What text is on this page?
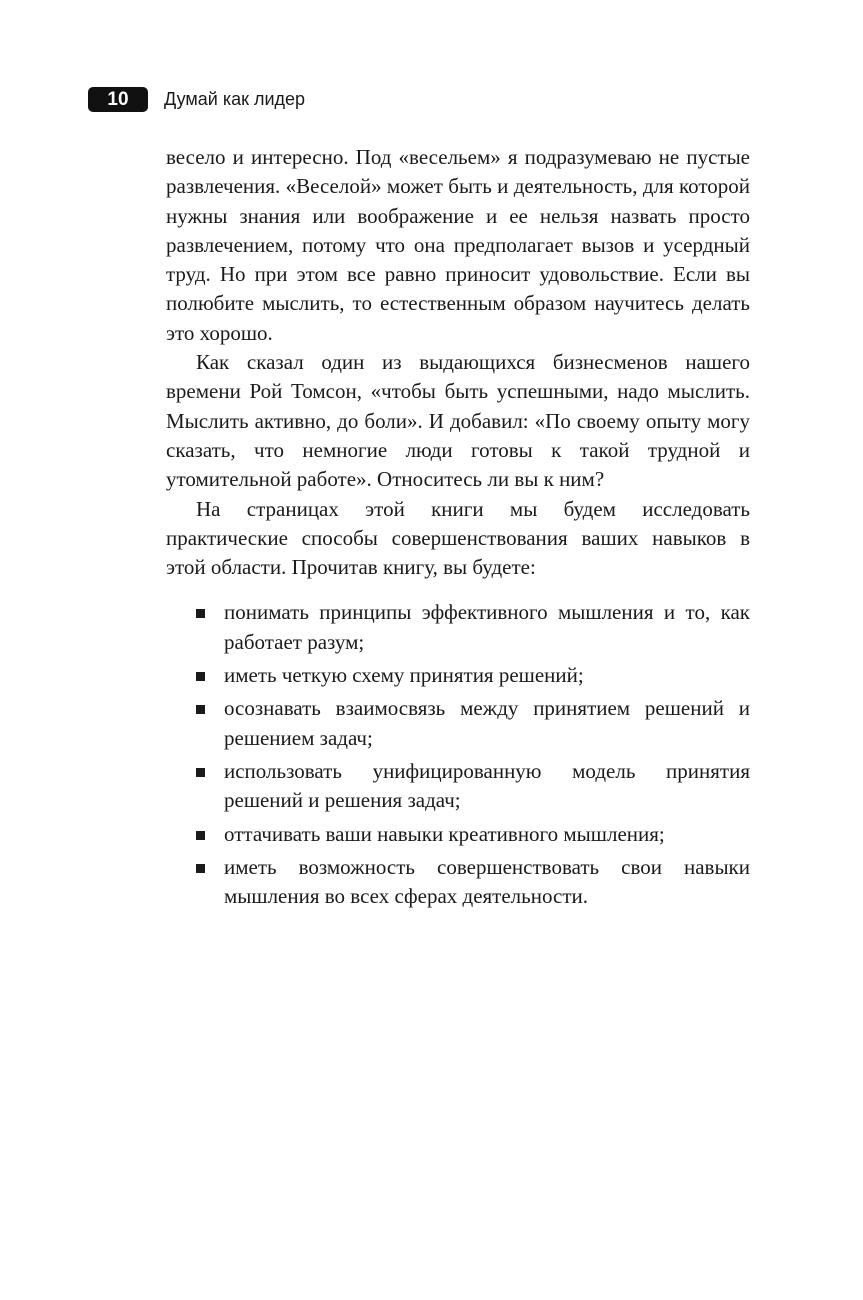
10	Думай как лидер

весело и интересно. Под «весельем» я подразумеваю не пустые развлечения. «Веселой» может быть и деятельность, для которой нужны знания или воображение и ее нельзя назвать просто развлечением, потому что она предполагает вызов и усердный труд. Но при этом все равно приносит удовольствие. Если вы полюбите мыслить, то естественным образом научитесь делать это хорошо.

Как сказал один из выдающихся бизнесменов нашего времени Рой Томсон, «чтобы быть успешными, надо мыслить. Мыслить активно, до боли». И добавил: «По своему опыту могу сказать, что немногие люди готовы к такой трудной и утомительной работе». Относитесь ли вы к ним?

На страницах этой книги мы будем исследовать практические способы совершенствования ваших навыков в этой области. Прочитав книгу, вы будете:

понимать принципы эффективного мышления и то, как работает разум;
иметь четкую схему принятия решений;
осознавать взаимосвязь между принятием решений и решением задач;
использовать унифицированную модель принятия решений и решения задач;
оттачивать ваши навыки креативного мышления;
иметь возможность совершенствовать свои навыки мышления во всех сферах деятельности.
